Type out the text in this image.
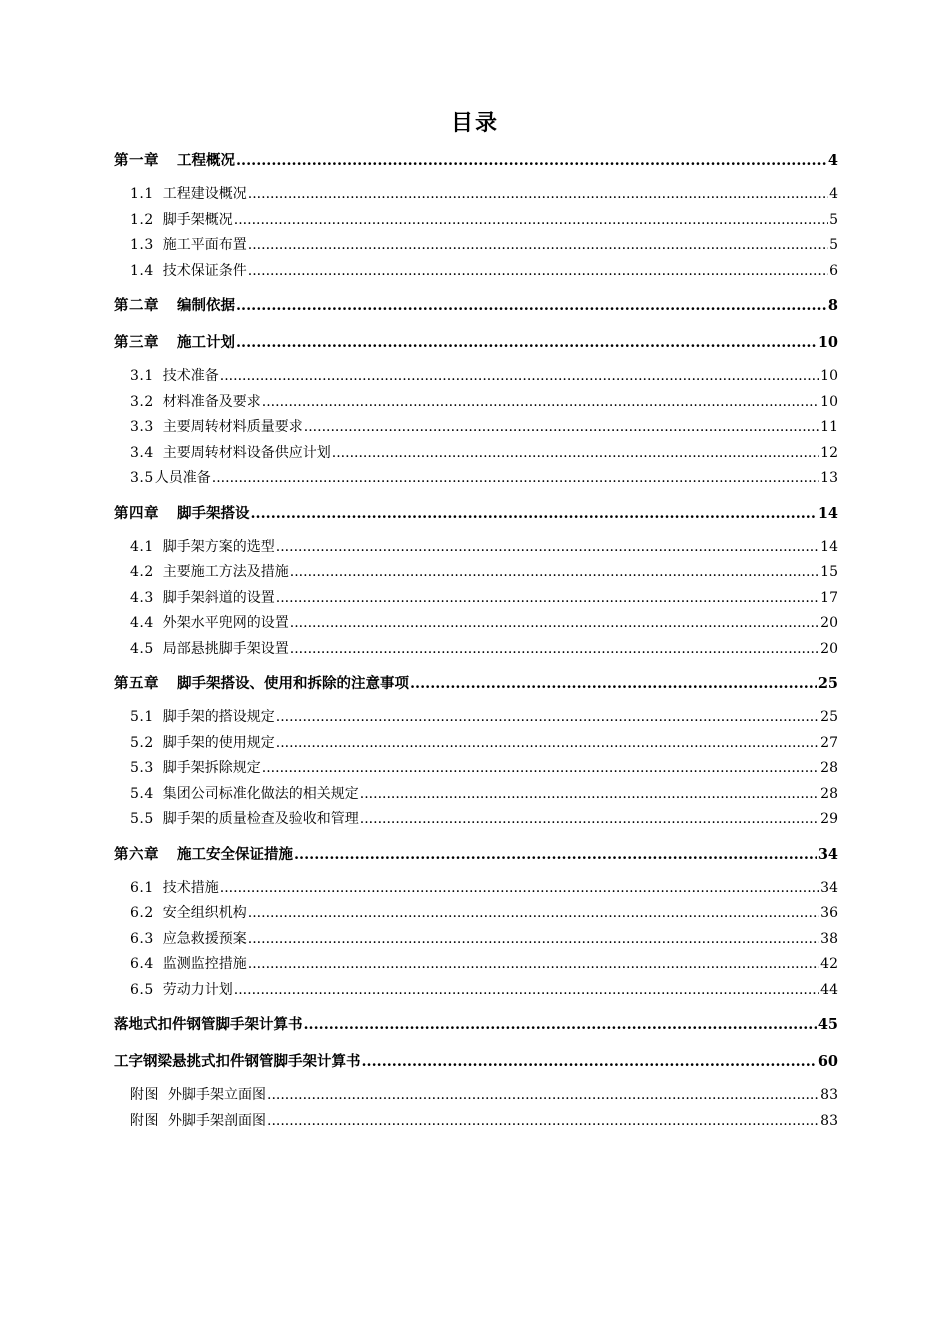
目录
第一章 工程概况 .....	4
1.1 工程建设概况 .....	4
1.2 脚手架概况 .....	5
1.3 施工平面布置 .....	5
1.4 技术保证条件 .....	6
第二章 编制依据 .....	8
第三章 施工计划 .....	10
3.1 技术准备 .....	10
3.2 材料准备及要求 .....	10
3.3 主要周转材料质量要求 .....	11
3.4 主要周转材料设备供应计划 .....	12
3.5 人员准备 .....	13
第四章 脚手架搭设 .....	14
4.1 脚手架方案的选型 .....	14
4.2 主要施工方法及措施 .....	15
4.3 脚手架斜道的设置 .....	17
4.4 外架水平兜网的设置 .....	20
4.5 局部悬挑脚手架设置 .....	20
第五章 脚手架搭设、使用和拆除的注意事项 .....	25
5.1 脚手架的搭设规定 .....	25
5.2 脚手架的使用规定 .....	27
5.3 脚手架拆除规定 .....	28
5.4 集团公司标准化做法的相关规定 .....	28
5.5 脚手架的质量检查及验收和管理 .....	29
第六章 施工安全保证措施 .....	34
6.1 技术措施 .....	34
6.2 安全组织机构 .....	36
6.3 应急救援预案 .....	38
6.4 监测监控措施 .....	42
6.5 劳动力计划 .....	44
落地式扣件钢管脚手架计算书 .....	45
工字钢梁悬挑式扣件钢管脚手架计算书 .....	60
附图 外脚手架立面图 .....	83
附图 外脚手架剖面图 .....	83
